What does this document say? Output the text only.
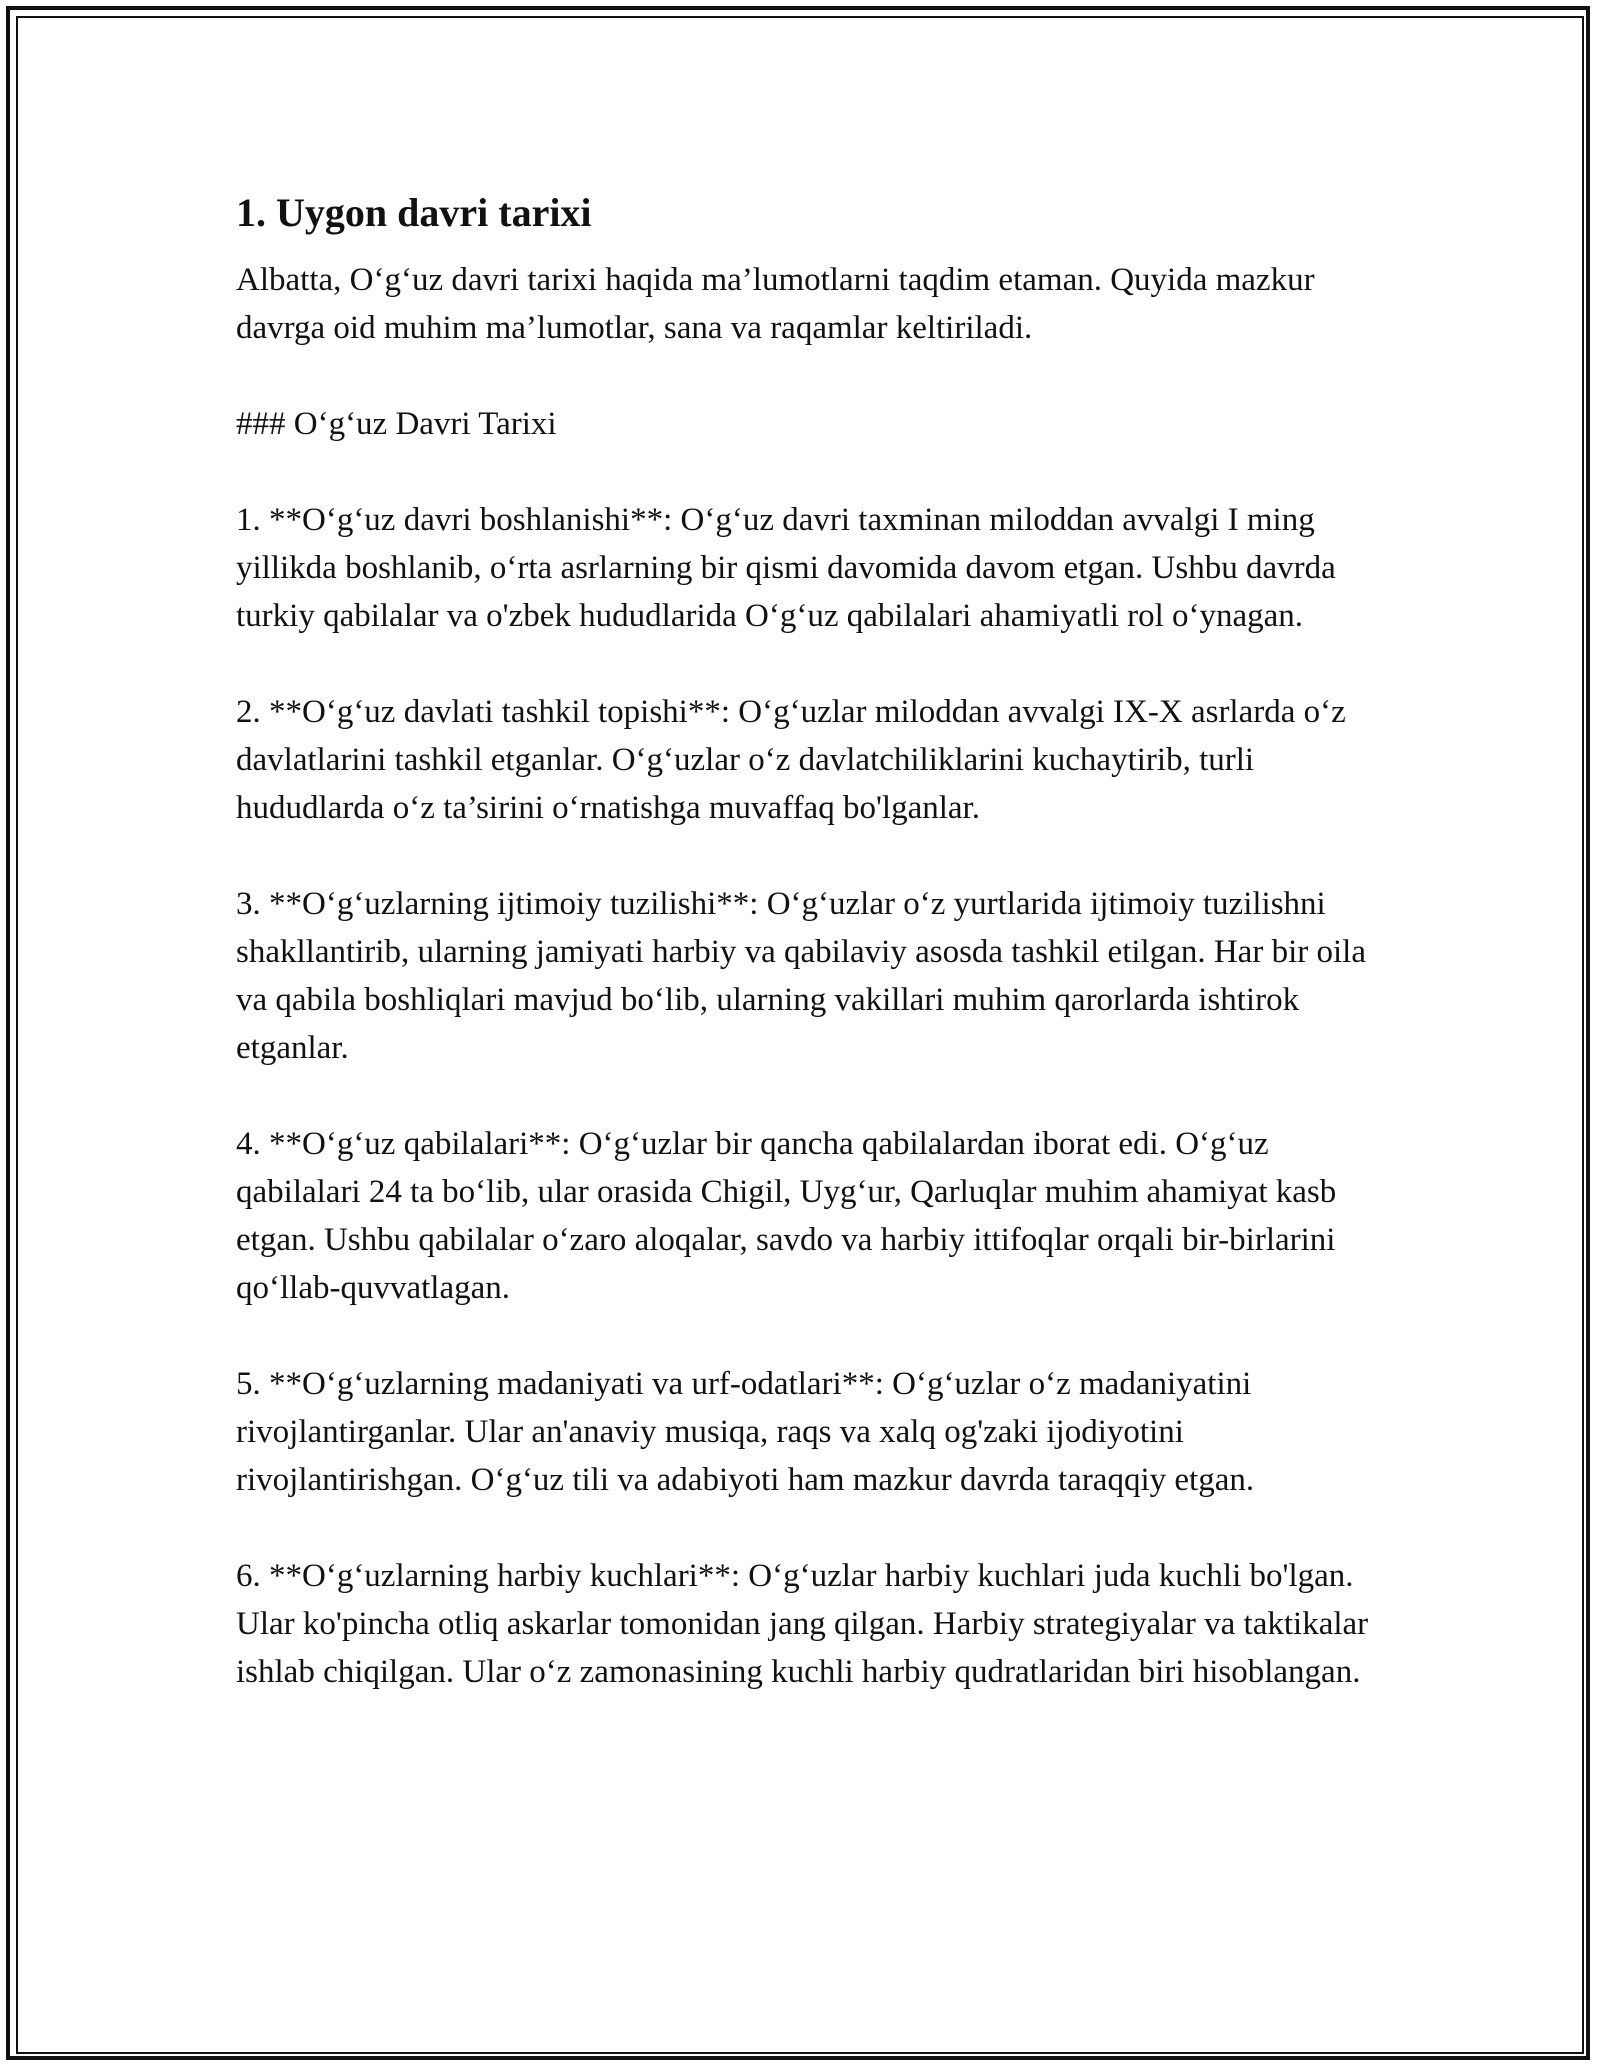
1. Uygon davri tarixi

Albatta, O‘g‘uz davri tarixi haqida ma’lumotlarni taqdim etaman. Quyida mazkur davrga oid muhim ma’lumotlar, sana va raqamlar keltiriladi.

### O‘g‘uz Davri Tarixi

1. **O‘g‘uz davri boshlanishi**: O‘g‘uz davri taxminan miloddan avvalgi I ming yillikda boshlanib, o‘rta asrlarning bir qismi davomida davom etgan. Ushbu davrda turkiy qabilalar va o'zbek hududlarida O‘g‘uz qabilalari ahamiyatli rol o‘ynagan.

2. **O‘g‘uz davlati tashkil topishi**: O‘g‘uzlar miloddan avvalgi IX-X asrlarda o‘z davlatlarini tashkil etganlar. O‘g‘uzlar o‘z davlatchiliklarini kuchaytirib, turli hududlarda o‘z ta’sirini o‘rnatishga muvaffaq bo'lganlar.

3. **O‘g‘uzlarning ijtimoiy tuzilishi**: O‘g‘uzlar o‘z yurtlarida ijtimoiy tuzilishni shakllantirib, ularning jamiyati harbiy va qabilaviy asosda tashkil etilgan. Har bir oila va qabila boshliqlari mavjud bo‘lib, ularning vakillari muhim qarorlarda ishtirok etganlar.

4. **O‘g‘uz qabilalari**: O‘g‘uzlar bir qancha qabilalardan iborat edi. O‘g‘uz qabilalari 24 ta bo‘lib, ular orasida Chigil, Uyg‘ur, Qarluqlar muhim ahamiyat kasb etgan. Ushbu qabilalar o‘zaro aloqalar, savdo va harbiy ittifoqlar orqali bir-birlarini qo‘llab-quvvatlagan.

5. **O‘g‘uzlarning madaniyati va urf-odatlari**: O‘g‘uzlar o‘z madaniyatini rivojlantirganlar. Ular an'anaviy musiqa, raqs va xalq og'zaki ijodiyotini rivojlantirishgan. O‘g‘uz tili va adabiyoti ham mazkur davrda taraqqiy etgan.

6. **O‘g‘uzlarning harbiy kuchlari**: O‘g‘uzlar harbiy kuchlari juda kuchli bo'lgan. Ular ko'pincha otliq askarlar tomonidan jang qilgan. Harbiy strategiyalar va taktikalar ishlab chiqilgan. Ular o‘z zamonasining kuchli harbiy qudratlaridan biri hisoblangan.
